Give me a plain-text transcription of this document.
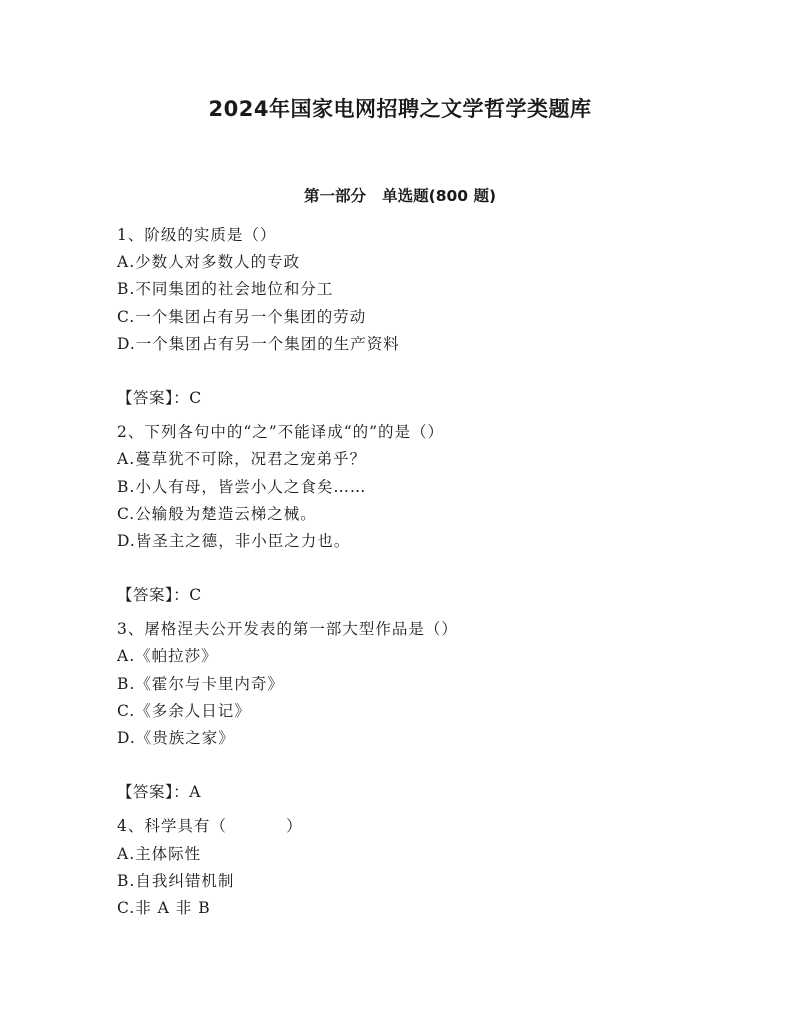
2024年国家电网招聘之文学哲学类题库
第一部分   单选题(800 题)
1、阶级的实质是（）
A.少数人对多数人的专政
B.不同集团的社会地位和分工
C.一个集团占有另一个集团的劳动
D.一个集团占有另一个集团的生产资料
【答案】：C
2、下列各句中的“之”不能译成“的”的是（）
A.蔓草犹不可除，况君之宠弟乎？
B.小人有母，皆尝小人之食矣……
C.公输般为楚造云梯之械。
D.皆圣主之德，非小臣之力也。
【答案】：C
3、屠格涅夫公开发表的第一部大型作品是（）
A.《帕拉莎》
B.《霍尔与卡里内奇》
C.《多余人日记》
D.《贵族之家》
【答案】：A
4、科学具有（          ）
A.主体际性
B.自我纠错机制
C.非 A 非 B
